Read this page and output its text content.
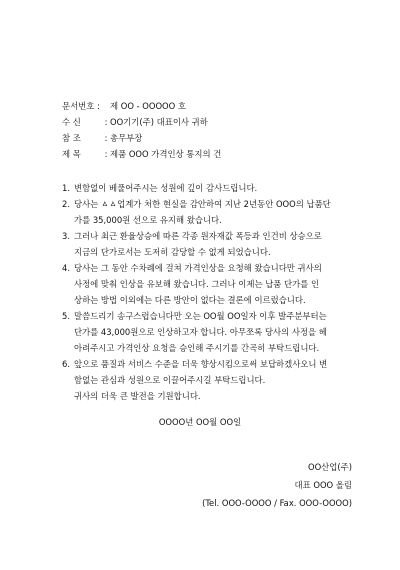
문서번호 :	제 OO - OOOOO 호
수 신	: OO기기(주) 대표이사 귀하
참 조	: 총무부장
제 목	: 제품 OOO 가격인상 통지의 건
1. 변함없이 베풀어주시는 성원에 깊이 감사드립니다.
2. 당사는 ㅿㅿ업계가 처한 현실을 감안하여 지난 2년동안 OOO의 납품단
가를 35,000원 선으로 유지해 왔습니다.
3. 그러나 최근 환율상승에 따른 각종 원자재값 폭등과 인건비 상승으로
지금의 단가로서는 도저히 감당할 수 없게 되었습니다.
4. 당사는 그 동안 수차례에 걸쳐 가격인상을 요청해 왔습니다만 귀사의
사정에 맞춰 인상을 유보해 왔습니다. 그러나 이제는 납품 단가를 인
상하는 방법 이외에는 다른 방안이 없다는 결론에 이르렀습니다.
5. 말씀드리기 송구스럽습니다만 오는 OO월 OO일자 이후 발주분부터는
단가를 43,000원으로 인상하고자 합니다. 아무쪼록 당사의 사정을 헤
아려주시고 가격인상 요청을 승인해 주시기를 간곡히 부탁드립니다.
6. 앞으로 품질과 서비스 수준을 더욱 향상시킴으로써 보답하겠사오니 변
함없는 관심과 성원으로 이끌어주시길 부탁드립니다.
귀사의 더욱 큰 발전을 기원합니다.
OOOO년 OO월 OO일
OO산업(주)
대표 OOO 올림
(Tel. OOO-OOOO / Fax. OOO-OOOO)
